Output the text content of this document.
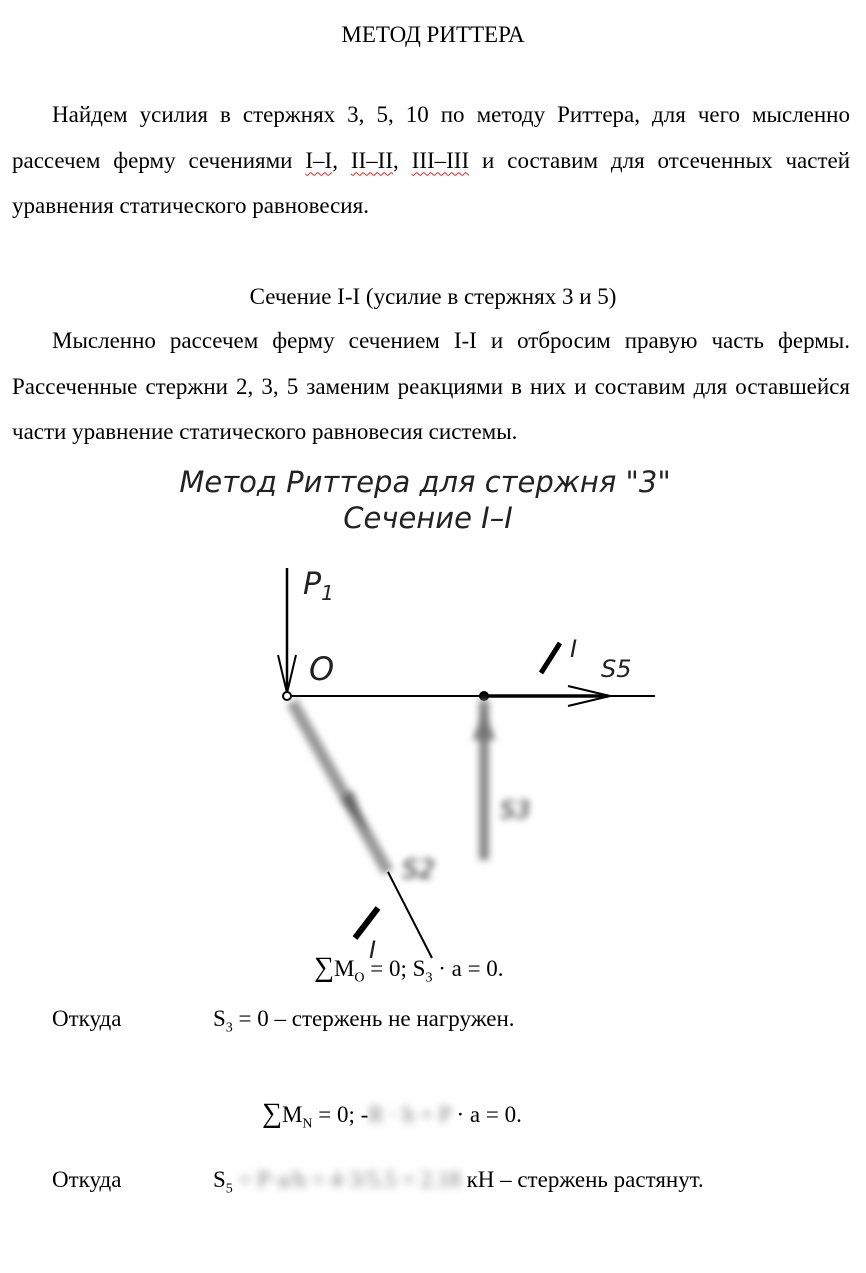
МЕТОД РИТТЕРА

Найдем усилия в стержнях 3, 5, 10 по методу Риттера, для чего мысленно рассечем ферму сечениями I–I, II–II, III–III и составим для отсеченных частей уравнения статического равновесия.

Сечение I-I (усилие в стержнях 3 и 5)

Мысленно рассечем ферму сечением I-I и отбросим правую часть фермы. Рассеченные стержни 2, 3, 5 заменим реакциями в них и составим для оставшейся части уравнение статического равновесия системы.

Метод Риттера для стержня "3"
Сечение I–I
$P_1$
O	S5
I
S3
S2
I
$\sum M_O = 0$; $S_3 \cdot a = 0$.
Откуда	$S_3 = 0$ – стержень не нагружен.
$\sum M_N = 0$; -R · h + P · a = 0.
Откуда	$S_5 = P\cdot a/h = 4\cdot 3/5.5 = 2.18$ кН – стержень растянут.
